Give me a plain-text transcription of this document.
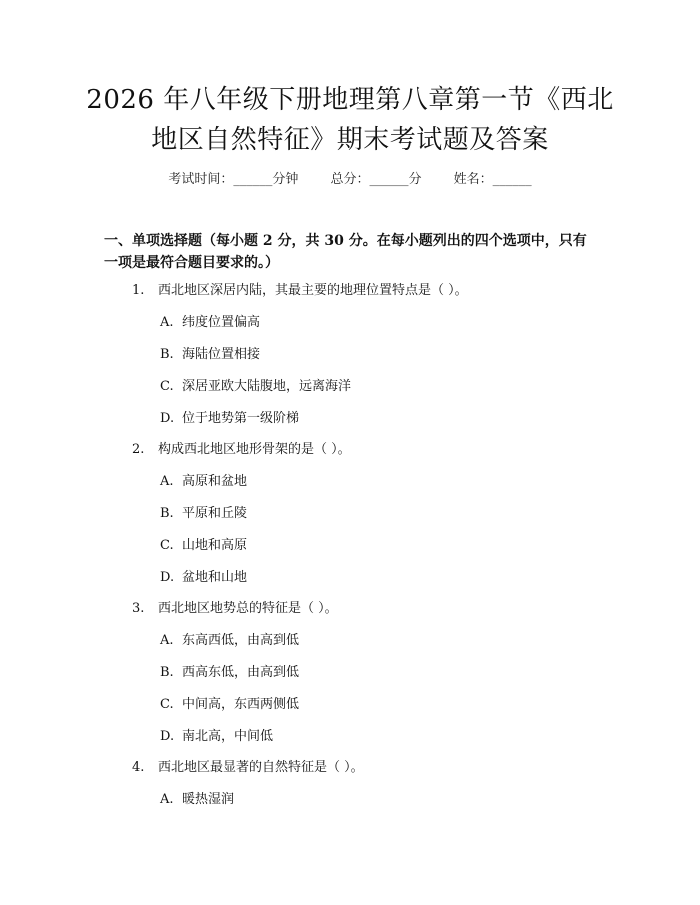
2026 年八年级下册地理第八章第一节《西北
地区自然特征》期末考试题及答案
考试时间：______分钟 总分：______分 姓名：______
一、单项选择题（每小题 2 分，共 30 分。在每小题列出的四个选项中，只有一项是最符合题目要求的。）
1. 西北地区深居内陆，其最主要的地理位置特点是（ ）。
A. 纬度位置偏高
B. 海陆位置相接
C. 深居亚欧大陆腹地，远离海洋
D. 位于地势第一级阶梯
2. 构成西北地区地形骨架的是（ ）。
A. 高原和盆地
B. 平原和丘陵
C. 山地和高原
D. 盆地和山地
3. 西北地区地势总的特征是（ ）。
A. 东高西低，由高到低
B. 西高东低，由高到低
C. 中间高，东西两侧低
D. 南北高，中间低
4. 西北地区最显著的自然特征是（ ）。
A. 暖热湿润
